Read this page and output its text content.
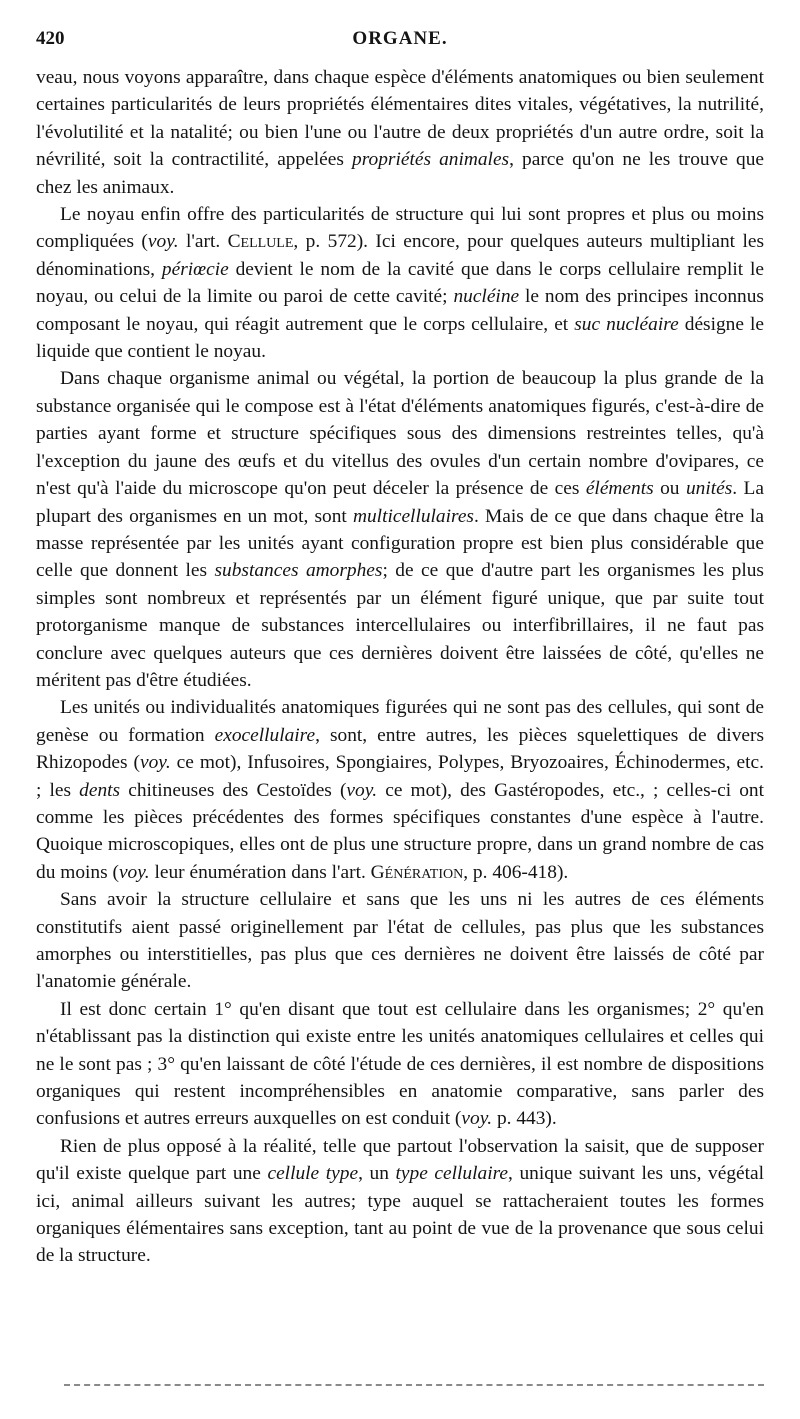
420	ORGANE.

veau, nous voyons apparaître, dans chaque espèce d'éléments anatomiques ou bien seulement certaines particularités de leurs propriétés élémentaires dites vitales, végétatives, la nutrilité, l'évolutilité et la natalité; ou bien l'une ou l'autre de deux propriétés d'un autre ordre, soit la névrilité, soit la contractilité, appelées propriétés animales, parce qu'on ne les trouve que chez les animaux.

Le noyau enfin offre des particularités de structure qui lui sont propres et plus ou moins compliquées (voy. l'art. Cellule, p. 572). Ici encore, pour quelques auteurs multipliant les dénominations, périœcie devient le nom de la cavité que dans le corps cellulaire remplit le noyau, ou celui de la limite ou paroi de cette cavité; nucléine le nom des principes inconnus composant le noyau, qui réagit autrement que le corps cellulaire, et suc nucléaire désigne le liquide que contient le noyau.

Dans chaque organisme animal ou végétal, la portion de beaucoup la plus grande de la substance organisée qui le compose est à l'état d'éléments anatomiques figurés, c'est-à-dire de parties ayant forme et structure spécifiques sous des dimensions restreintes telles, qu'à l'exception du jaune des œufs et du vitellus des ovules d'un certain nombre d'ovipares, ce n'est qu'à l'aide du microscope qu'on peut déceler la présence de ces éléments ou unités. La plupart des organismes en un mot, sont multicellulaires. Mais de ce que dans chaque être la masse représentée par les unités ayant configuration propre est bien plus considérable que celle que donnent les substances amorphes; de ce que d'autre part les organismes les plus simples sont nombreux et représentés par un élément figuré unique, que par suite tout protorganisme manque de substances intercellulaires ou interfibrillaires, il ne faut pas conclure avec quelques auteurs que ces dernières doivent être laissées de côté, qu'elles ne méritent pas d'être étudiées.

Les unités ou individualités anatomiques figurées qui ne sont pas des cellules, qui sont de genèse ou formation exocellulaire, sont, entre autres, les pièces squelettiques de divers Rhizopodes (voy. ce mot), Infusoires, Spongiaires, Polypes, Bryozoaires, Échinodermes, etc. ; les dents chitineuses des Cestoïdes (voy. ce mot), des Gastéropodes, etc., ; celles-ci ont comme les pièces précédentes des formes spécifiques constantes d'une espèce à l'autre. Quoique microscopiques, elles ont de plus une structure propre, dans un grand nombre de cas du moins (voy. leur énumération dans l'art. Génération, p. 406-418).

Sans avoir la structure cellulaire et sans que les uns ni les autres de ces éléments constitutifs aient passé originellement par l'état de cellules, pas plus que les substances amorphes ou interstitielles, pas plus que ces dernières ne doivent être laissés de côté par l'anatomie générale.

Il est donc certain 1° qu'en disant que tout est cellulaire dans les organismes; 2° qu'en n'établissant pas la distinction qui existe entre les unités anatomiques cellulaires et celles qui ne le sont pas ; 3° qu'en laissant de côté l'étude de ces dernières, il est nombre de dispositions organiques qui restent incompréhensibles en anatomie comparative, sans parler des confusions et autres erreurs auxquelles on est conduit (voy. p. 443).

Rien de plus opposé à la réalité, telle que partout l'observation la saisit, que de supposer qu'il existe quelque part une cellule type, un type cellulaire, unique suivant les uns, végétal ici, animal ailleurs suivant les autres; type auquel se rattacheraient toutes les formes organiques élémentaires sans exception, tant au point de vue de la provenance que sous celui de la structure.
